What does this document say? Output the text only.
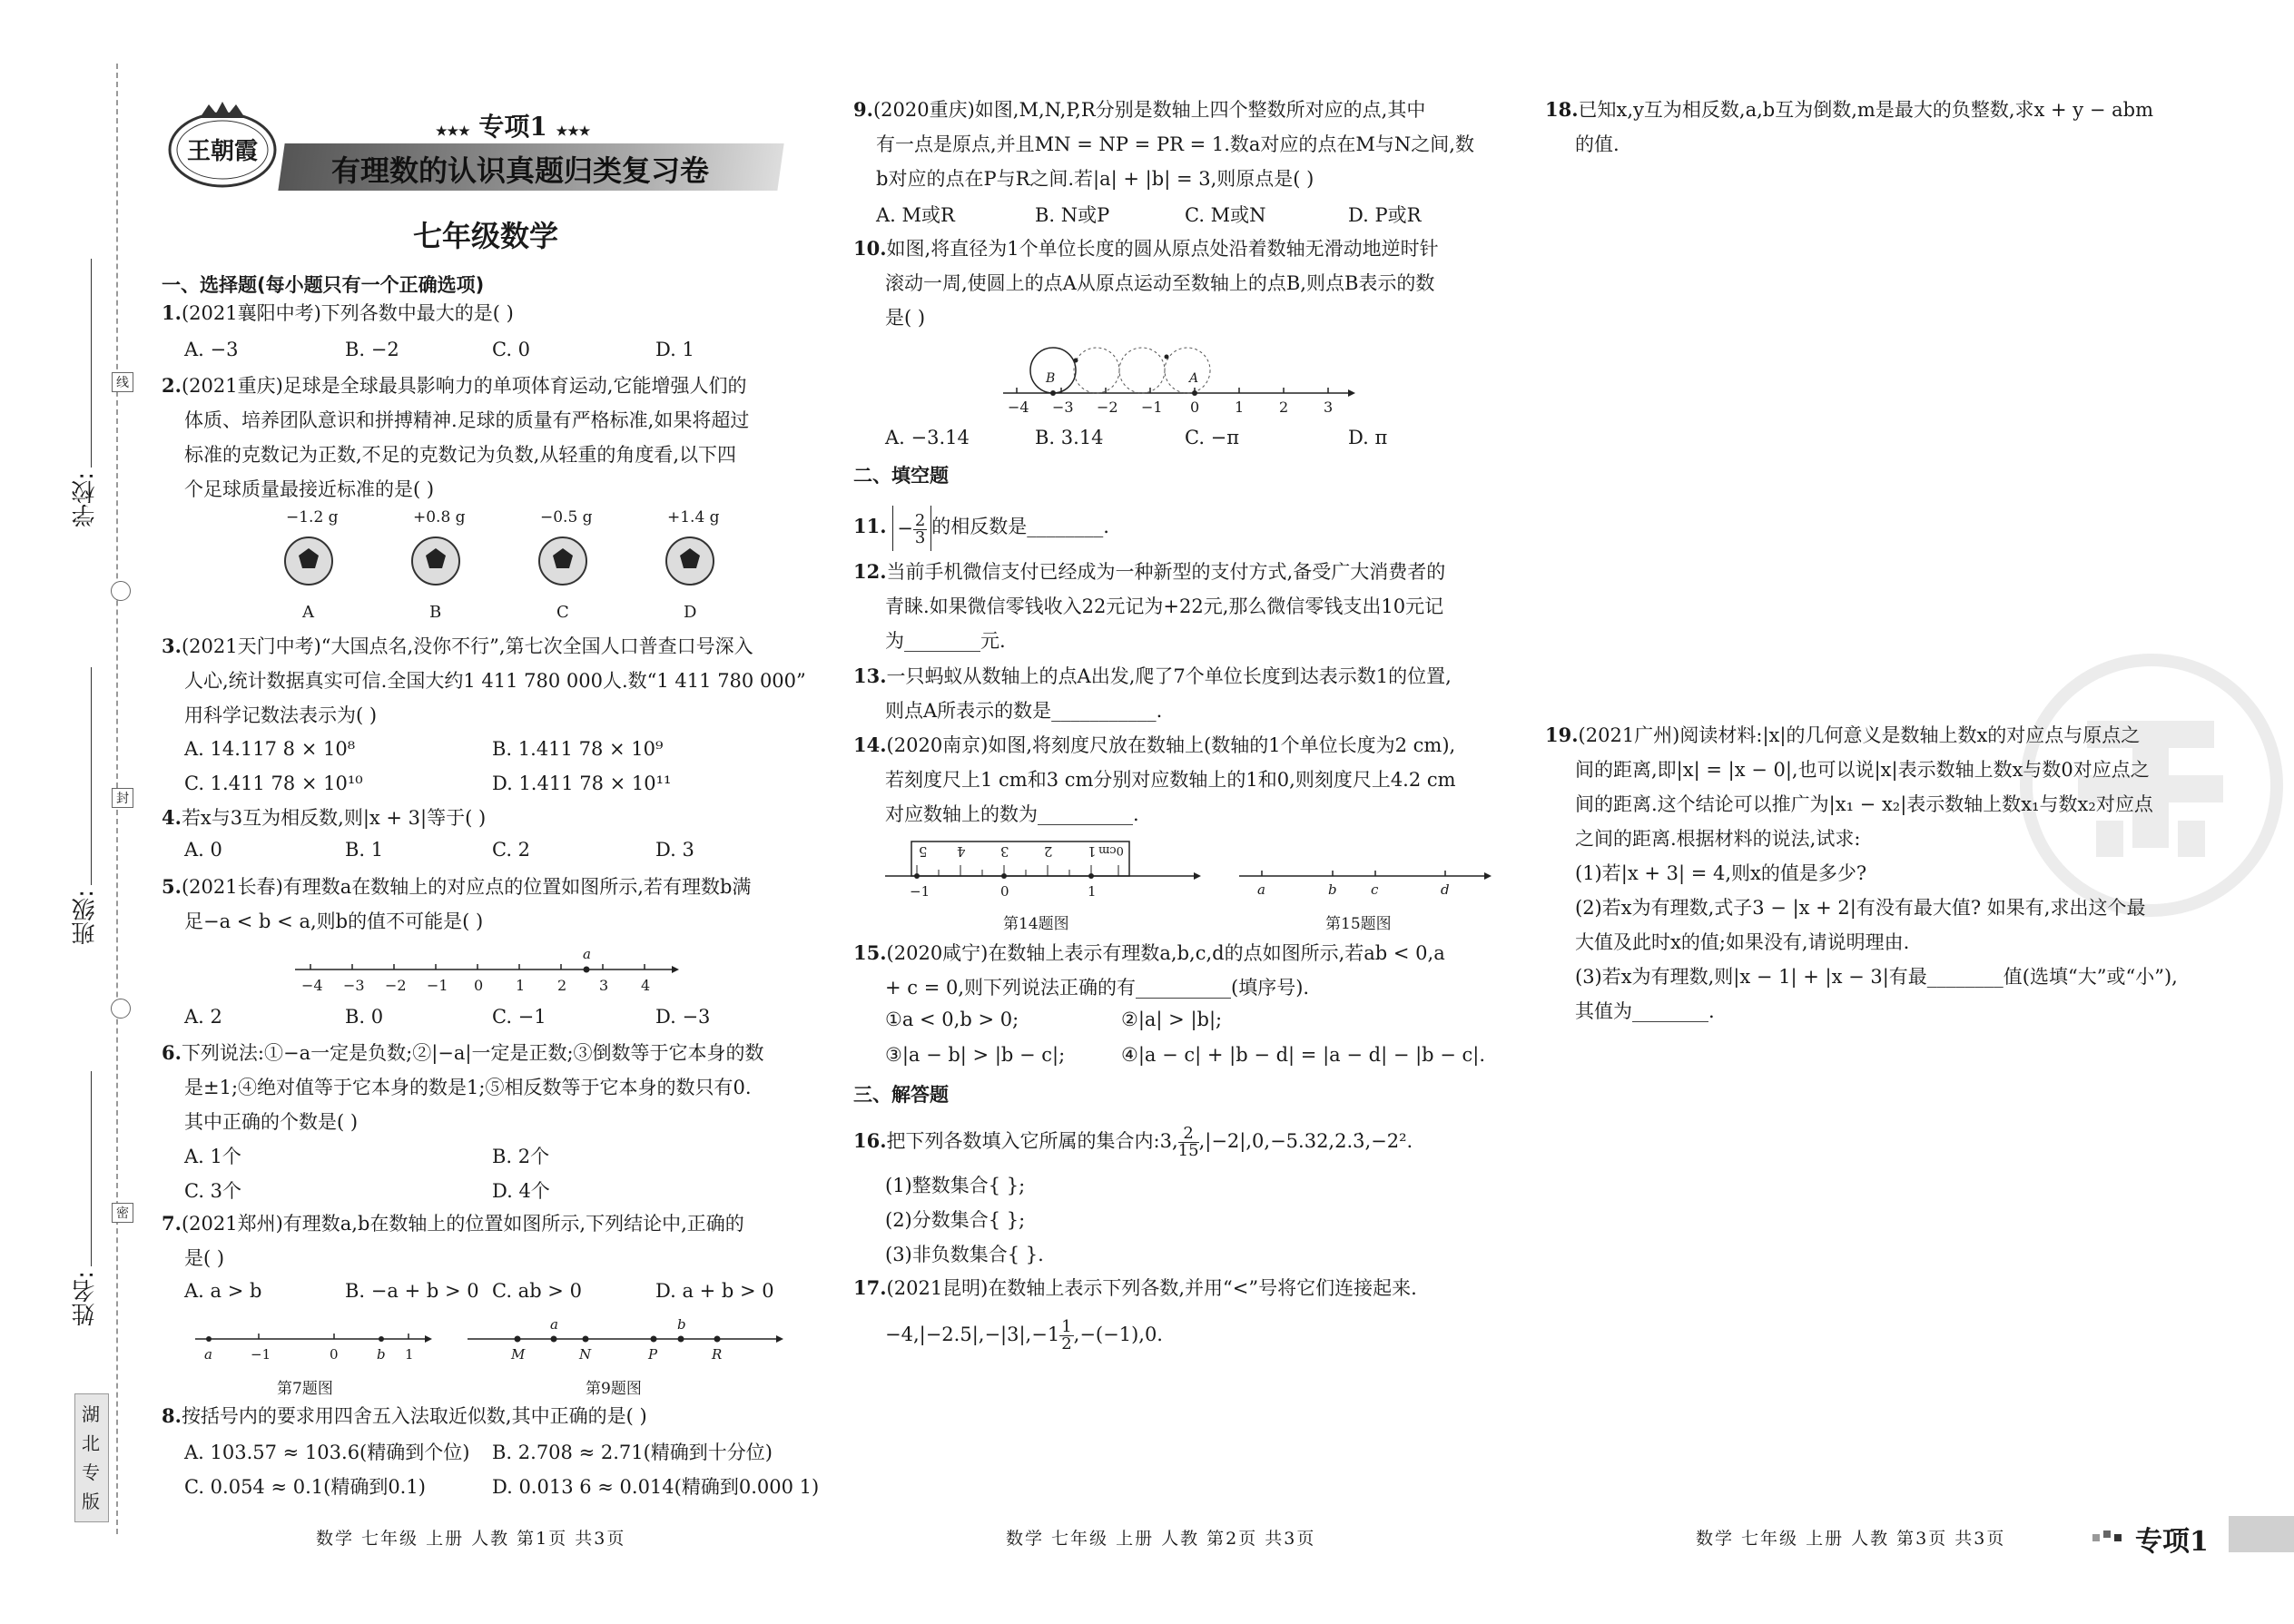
学校:
班级:
姓名:
线
封
密
湖北专版
王朝霞
★★★ 专项1 ★★★
有理数的认识真题归类复习卷
七年级数学
一、选择题(每小题只有一个正确选项)
1.(2021襄阳中考)下列各数中最大的是( )
A. −3	B. −2	C. 0	D. 1
2.(2021重庆)足球是全球最具影响力的单项体育运动,它能增强人们的
体质、培养团队意识和拼搏精神.足球的质量有严格标准,如果将超过
标准的克数记为正数,不足的克数记为负数,从轻重的角度看,以下四
个足球质量最接近标准的是( )
−1.2 g	+0.8 g	−0.5 g	+1.4 g
A	B	C	D
3.(2021天门中考)“大国点名,没你不行”,第七次全国人口普查口号深入
人心,统计数据真实可信.全国大约1 411 780 000人.数“1 411 780 000”
用科学记数法表示为( )
A. 14.117 8 × 10⁸	B. 1.411 78 × 10⁹
C. 1.411 78 × 10¹⁰	D. 1.411 78 × 10¹¹
4.若x与3互为相反数,则|x + 3|等于( )
A. 0	B. 1	C. 2	D. 3
5.(2021长春)有理数a在数轴上的对应点的位置如图所示,若有理数b满
足−a < b < a,则b的值不可能是( )
a
−4 −3 −2 −1 0 1 2 3 4
A. 2	B. 0	C. −1	D. −3
6.下列说法:①−a一定是负数;②|−a|一定是正数;③倒数等于它本身的数
是±1;④绝对值等于它本身的数是1;⑤相反数等于它本身的数只有0.
其中正确的个数是( )
A. 1个	B. 2个
C. 3个	D. 4个
7.(2021郑州)有理数a,b在数轴上的位置如图所示,下列结论中,正确的
是( )
A. a > b	B. −a + b > 0 C. ab > 0	D. a + b > 0
a	−1	0	b 1
第7题图
M
a
N	P
b
R
第9题图
8.按括号内的要求用四舍五入法取近似数,其中正确的是( )
A. 103.57 ≈ 103.6(精确到个位) B. 2.708 ≈ 2.71(精确到十分位)
C. 0.054 ≈ 0.1(精确到0.1)	D. 0.013 6 ≈ 0.014(精确到0.000 1)
数学 七年级 上册 人教 第1页 共3页
9.(2020重庆)如图,M,N,P,R分别是数轴上四个整数所对应的点,其中
有一点是原点,并且MN = NP = PR = 1.数a对应的点在M与N之间,数
b对应的点在P与R之间.若|a| + |b| = 3,则原点是( )
A. M或R	B. N或P	C. M或N	D. P或R
10.如图,将直径为1个单位长度的圆从原点处沿着数轴无滑动地逆时针
滚动一周,使圆上的点A从原点运动至数轴上的点B,则点B表示的数
是( )
B	A
−4 −3 −2 −1 0 1 2 3
A. −3.14	B. 3.14	C. −π	D. π
二、填空题
11. − $\frac{2}{3}$ 的相反数是________.
12.当前手机微信支付已经成为一种新型的支付方式,备受广大消费者的
青睐.如果微信零钱收入22元记为+22元,那么微信零钱支出10元记
为________元.
13.一只蚂蚁从数轴上的点A出发,爬了7个单位长度到达表示数1的位置,
则点A所表示的数是___________.
14.(2020南京)如图,将刻度尺放在数轴上(数轴的1个单位长度为2 cm),
若刻度尺上1 cm和3 cm分别对应数轴上的1和0,则刻度尺上4.2 cm
对应数轴上的数为__________.
5 4	3	2	1 0cm
−1	0	1
第14题图
a	b c	d
第15题图
15.(2020咸宁)在数轴上表示有理数a,b,c,d的点如图所示,若ab < 0,a
+ c = 0,则下列说法正确的有__________(填序号).
①a < 0,b > 0;	②|a| > |b|;
③|a − b| > |b − c|;	④|a − c| + |b − d| = |a − d| − |b − c|.
三、解答题
16.把下列各数填入它所属的集合内:3, $\frac{2}{15}$ ,|−2|,0,−5.32,2.3̇,−2².
(1)整数集合{ };
(2)分数集合{ };
(3)非负数集合{ }.
17.(2021昆明)在数轴上表示下列各数,并用“<”号将它们连接起来.
$-4,|-2.5|,-|3|,-1 \frac{1}{2} ,-(-1),0$.
数学 七年级 上册 人教 第2页 共3页
18.已知x,y互为相反数,a,b互为倒数,m是最大的负整数,求x + y − abm
的值.
19.(2021广州)阅读材料:|x|的几何意义是数轴上数x的对应点与原点之
间的距离,即|x| = |x − 0|,也可以说|x|表示数轴上数x与数0对应点之
间的距离.这个结论可以推广为|x₁ − x₂|表示数轴上数x₁与数x₂对应点
之间的距离.根据材料的说法,试求:
(1)若|x + 3| = 4,则x的值是多少?
(2)若x为有理数,式子3 − |x + 2|有没有最大值? 如果有,求出这个最
大值及此时x的值;如果没有,请说明理由.
(3)若x为有理数,则|x − 1| + |x − 3|有最________值(选填“大”或“小”),
其值为________.
数学 七年级 上册 人教 第3页 共3页	专项1
